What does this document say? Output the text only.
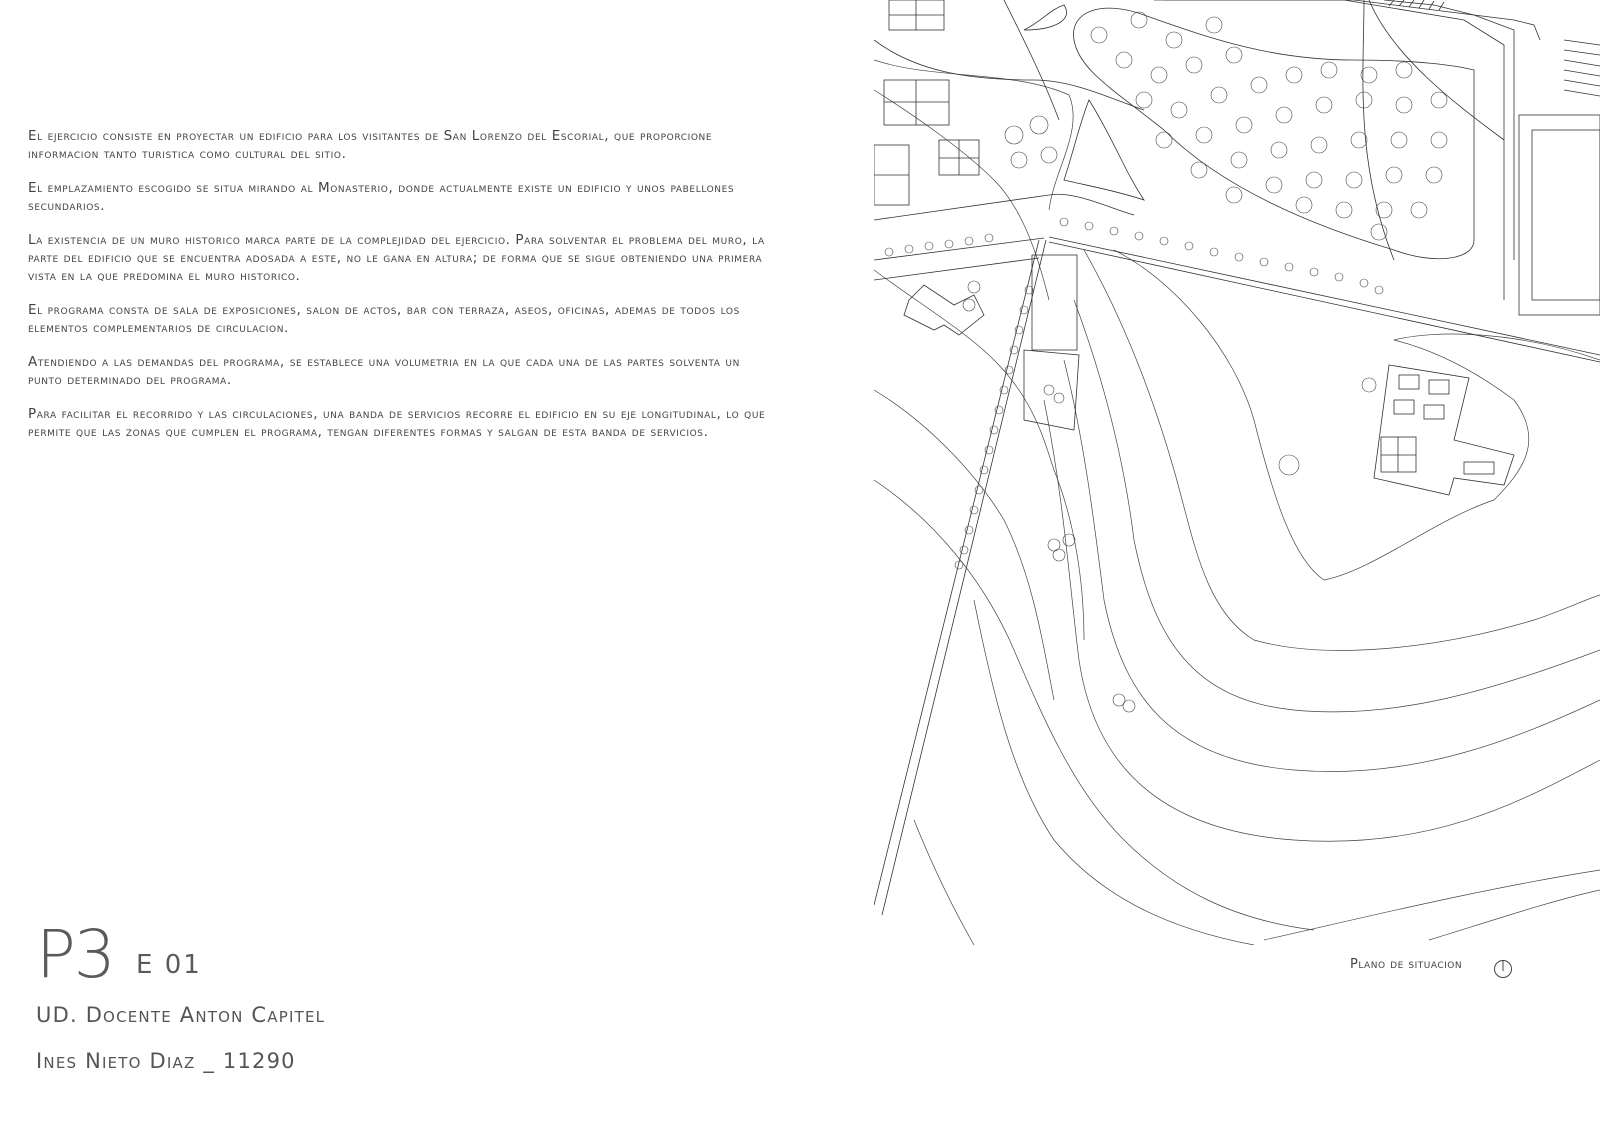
El ejercicio consiste en proyectar un edificio para los visitantes de San Lorenzo del Escorial, que proporcione informacion tanto turistica como cultural del sitio.

El emplazamiento escogido se situa mirando al Monasterio, donde actualmente existe un edificio y unos pabellones secundarios.

La existencia de un muro historico marca parte de la complejidad del ejercicio. Para solventar el problema del muro, la parte del edificio que se encuentra adosada a este, no le gana en altura; de forma que se sigue obteniendo una primera vista en la que predomina el muro historico.

El programa consta de sala de exposiciones, salon de actos, bar con terraza, aseos, oficinas, ademas de todos los elementos complementarios de circulacion.

Atendiendo a las demandas del programa, se establece una volumetria en la que cada una de las partes solventa un punto determinado del programa.

Para facilitar el recorrido y las circulaciones, una banda de servicios recorre el edificio en su eje longitudinal, lo que permite que las zonas que cumplen el programa, tengan diferentes formas y salgan de esta banda de servicios.

P3 E 01
UD. Docente Anton Capitel
Ines Nieto Diaz _ 11290
Plano de situacion
